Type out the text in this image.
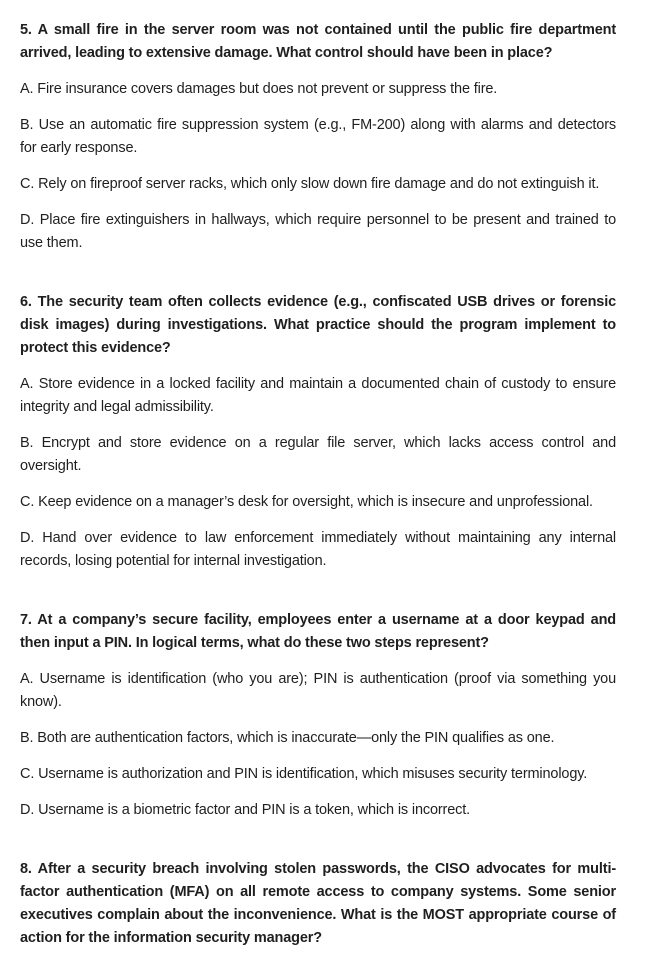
5. A small fire in the server room was not contained until the public fire department arrived, leading to extensive damage. What control should have been in place?

A. Fire insurance covers damages but does not prevent or suppress the fire.

B. Use an automatic fire suppression system (e.g., FM-200) along with alarms and detectors for early response.

C. Rely on fireproof server racks, which only slow down fire damage and do not extinguish it.

D. Place fire extinguishers in hallways, which require personnel to be present and trained to use them.

6. The security team often collects evidence (e.g., confiscated USB drives or forensic disk images) during investigations. What practice should the program implement to protect this evidence?

A. Store evidence in a locked facility and maintain a documented chain of custody to ensure integrity and legal admissibility.

B. Encrypt and store evidence on a regular file server, which lacks access control and oversight.

C. Keep evidence on a manager’s desk for oversight, which is insecure and unprofessional.

D. Hand over evidence to law enforcement immediately without maintaining any internal records, losing potential for internal investigation.

7. At a company’s secure facility, employees enter a username at a door keypad and then input a PIN. In logical terms, what do these two steps represent?

A. Username is identification (who you are); PIN is authentication (proof via something you know).

B. Both are authentication factors, which is inaccurate—only the PIN qualifies as one.

C. Username is authorization and PIN is identification, which misuses security terminology.

D. Username is a biometric factor and PIN is a token, which is incorrect.

8. After a security breach involving stolen passwords, the CISO advocates for multi-factor authentication (MFA) on all remote access to company systems. Some senior executives complain about the inconvenience. What is the MOST appropriate course of action for the information security manager?
